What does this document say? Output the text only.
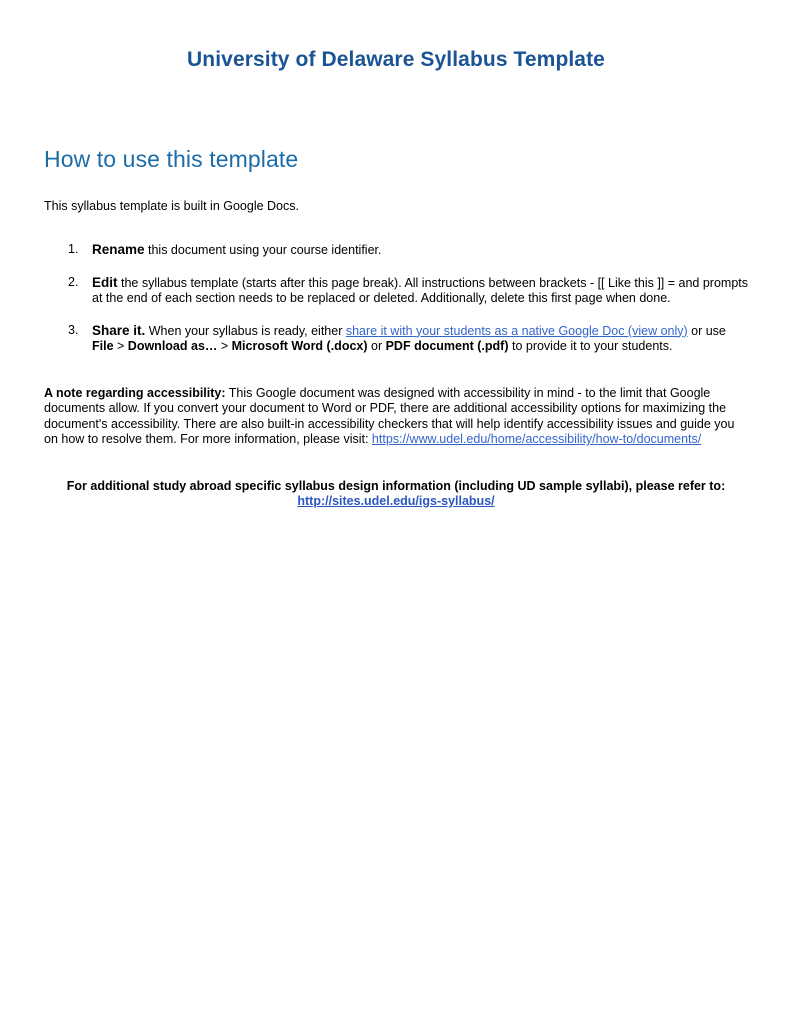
University of Delaware Syllabus Template
How to use this template

This syllabus template is built in Google Docs.

Rename this document using your course identifier.
Edit the syllabus template (starts after this page break). All instructions between brackets - [[ Like this ]] = and prompts at the end of each section needs to be replaced or deleted. Additionally, delete this first page when done.
Share it. When your syllabus is ready, either share it with your students as a native Google Doc (view only) or use File > Download as… > Microsoft Word (.docx) or PDF document (.pdf) to provide it to your students.

A note regarding accessibility: This Google document was designed with accessibility in mind - to the limit that Google documents allow. If you convert your document to Word or PDF, there are additional accessibility options for maximizing the document's accessibility. There are also built-in accessibility checkers that will help identify accessibility issues and guide you on how to resolve them. For more information, please visit: https://www.udel.edu/home/accessibility/how-to/documents/

For additional study abroad specific syllabus design information (including UD sample syllabi), please refer to:
http://sites.udel.edu/igs-syllabus/
